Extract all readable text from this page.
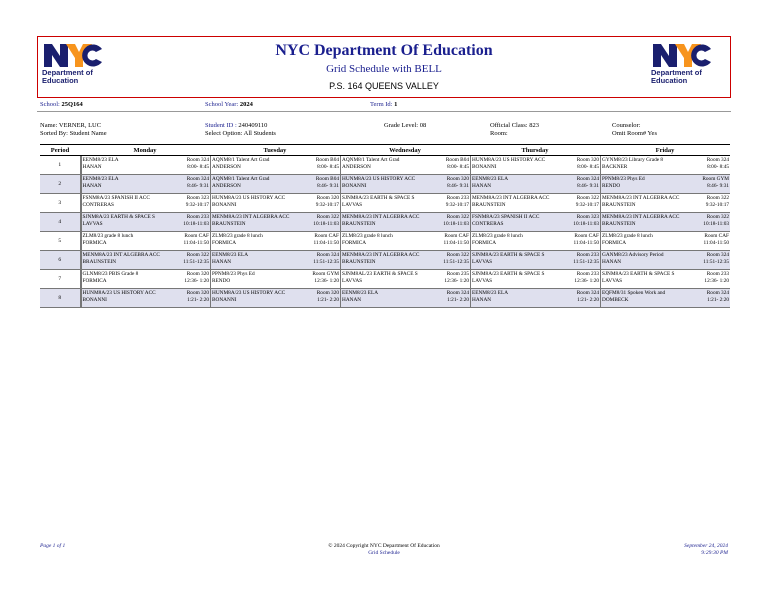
Department of Education
Department of Education
NYC Department Of Education
Grid Schedule with BELL
P.S. 164 QUEENS VALLEY
School: 25Q164	School Year: 2024	Term Id: 1
Name: VERNER, LUC
Sorted By: Student Name
Student ID : 240409110
Select Option: All Students
Grade Level: 08	Official Class: 823
Room:
Counselor:
Omit Room# Yes
Period	Monday	Tuesday	Wednesday	Thursday	Friday
1	EENM8/23 ELA
HANAN
Room 324
8:00- 8:45	AQNM8/1 Talent Art Grad
ANDERSON
Room B04
8:00- 8:45	AQNM8/1 Talent Art Grad
ANDERSON
Room B04
8:00- 8:45	HUNM8A/23 US HISTORY ACC
BONANNI
Room 320
8:00- 8:45	GYNM8/23 Library Grade 8
BACKNER
Room 324
8:00- 8:45

2	EENM8/23 ELA
HANAN
Room 324
8:46- 9:31	AQNM8/1 Talent Art Grad
ANDERSON
Room B04
8:46- 9:31	HUNM8A/23 US HISTORY ACC
BONANNI
Room 320
8:46- 9:31	EENM8/23 ELA
HANAN
Room 324
8:46- 9:31	PPNM8/23 Phys Ed
RENDO
Room GYM
8:46- 9:31

3	FSNM8A/23 SPANISH II ACC
CONTRERAS
Room 323
9:32-10:17	HUNM8A/23 US HISTORY ACC
BONANNI
Room 320
9:32-10:17	SJNM8A/23 EARTH & SPACE S
LAVVAS
Room 233
9:32-10:17	MENM8A/23 INT ALGEBRA ACC
BRAUNSTEIN
Room 322
9:32-10:17	MENM8A/23 INT ALGEBRA ACC
BRAUNSTEIN
Room 322
9:32-10:17

4	SJNM8A/23 EARTH & SPACE S
LAVVAS
Room 233
10:18-11:03	MENM8A/23 INT ALGEBRA ACC
BRAUNSTEIN
Room 322
10:18-11:03	MENM8A/23 INT ALGEBRA ACC
BRAUNSTEIN
Room 322
10:18-11:03	FSNM8A/23 SPANISH II ACC
CONTRERAS
Room 323
10:18-11:03	MENM8A/23 INT ALGEBRA ACC
BRAUNSTEIN
Room 322
10:18-11:03

5	ZLM8/23 grade 8 lunch
FORMICA
Room CAF
11:04-11:50	ZLM8/23 grade 8 lunch
FORMICA
Room CAF
11:04-11:50	ZLM8/23 grade 8 lunch
FORMICA
Room CAF
11:04-11:50	ZLM8/23 grade 8 lunch
FORMICA
Room CAF
11:04-11:50	ZLM8/23 grade 8 lunch
FORMICA
Room CAF
11:04-11:50

6	MENM8A/23 INT ALGEBRA ACC
BRAUNSTEIN
Room 322
11:51-12:35	EENM8/23 ELA
HANAN
Room 324
11:51-12:35	MENM8A/23 INT ALGEBRA ACC
BRAUNSTEIN
Room 322
11:51-12:35	SJNM8A/23 EARTH & SPACE S
LAVVAS
Room 233
11:51-12:35	GANM8/23 Advisory Period
HANAN
Room 324
11:51-12:35

7	GLNM8/23 PBIS Grade 8
FORMICA
Room 320
12:36- 1:20	PPNM8/23 Phys Ed
RENDO
Room GYM
12:36- 1:20	SJNM8AL/23 EARTH & SPACE S
LAVVAS
Room 235
12:36- 1:20	SJNM8A/23 EARTH & SPACE S
LAVVAS
Room 233
12:36- 1:20	SJNM8A/23 EARTH & SPACE S
LAVVAS
Room 233
12:36- 1:20

8	HUNM8A/23 US HISTORY ACC
BONANNI
Room 320
1:21- 2:20	HUNM8A/23 US HISTORY ACC
BONANNI
Room 320
1:21- 2:20	EENM8/23 ELA
HANAN
Room 324
1:21- 2:20	EENM8/23 ELA
HANAN
Room 324
1:21- 2:20	EQFM8/31 Spoken Work and
DOMBECK
Room 324
1:21- 2:20
Page 1 of 1	© 2024 Copyright NYC Department Of Education
Grid Schedule
September 24, 2024
9:29:30 PM
